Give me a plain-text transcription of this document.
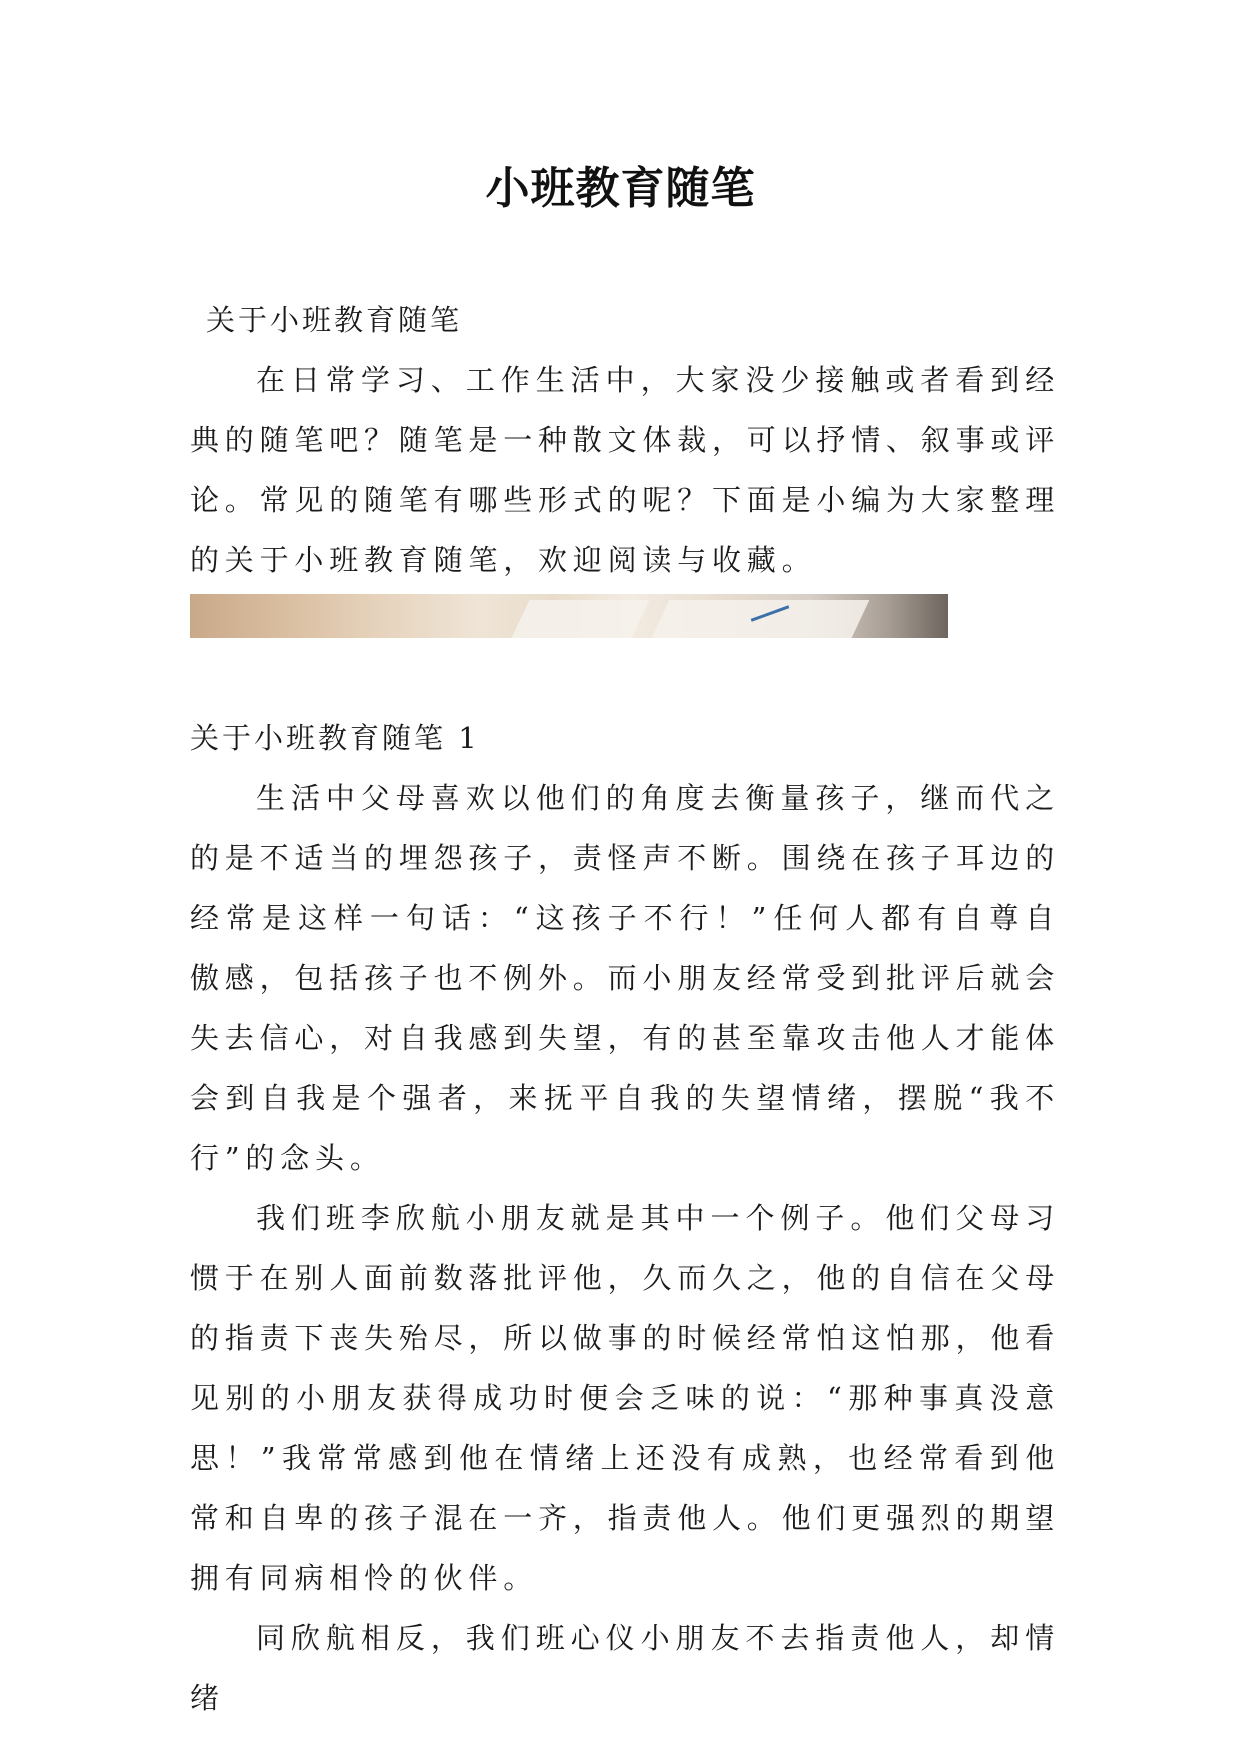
小班教育随笔

关于小班教育随笔

在日常学习、工作生活中，大家没少接触或者看到经典的随笔吧？随笔是一种散文体裁，可以抒情、叙事或评论。常见的随笔有哪些形式的呢？下面是小编为大家整理的关于小班教育随笔，欢迎阅读与收藏。

关于小班教育随笔 1

生活中父母喜欢以他们的角度去衡量孩子，继而代之的是不适当的埋怨孩子，责怪声不断。围绕在孩子耳边的经常是这样一句话：“这孩子不行！”任何人都有自尊自傲感，包括孩子也不例外。而小朋友经常受到批评后就会失去信心，对自我感到失望，有的甚至靠攻击他人才能体会到自我是个强者，来抚平自我的失望情绪，摆脱“我不行”的念头。

我们班李欣航小朋友就是其中一个例子。他们父母习惯于在别人面前数落批评他，久而久之，他的自信在父母的指责下丧失殆尽，所以做事的时候经常怕这怕那，他看见别的小朋友获得成功时便会乏味的说：“那种事真没意思！”我常常感到他在情绪上还没有成熟，也经常看到他常和自卑的孩子混在一齐，指责他人。他们更强烈的期望拥有同病相怜的伙伴。

同欣航相反，我们班心仪小朋友不去指责他人，却情绪
